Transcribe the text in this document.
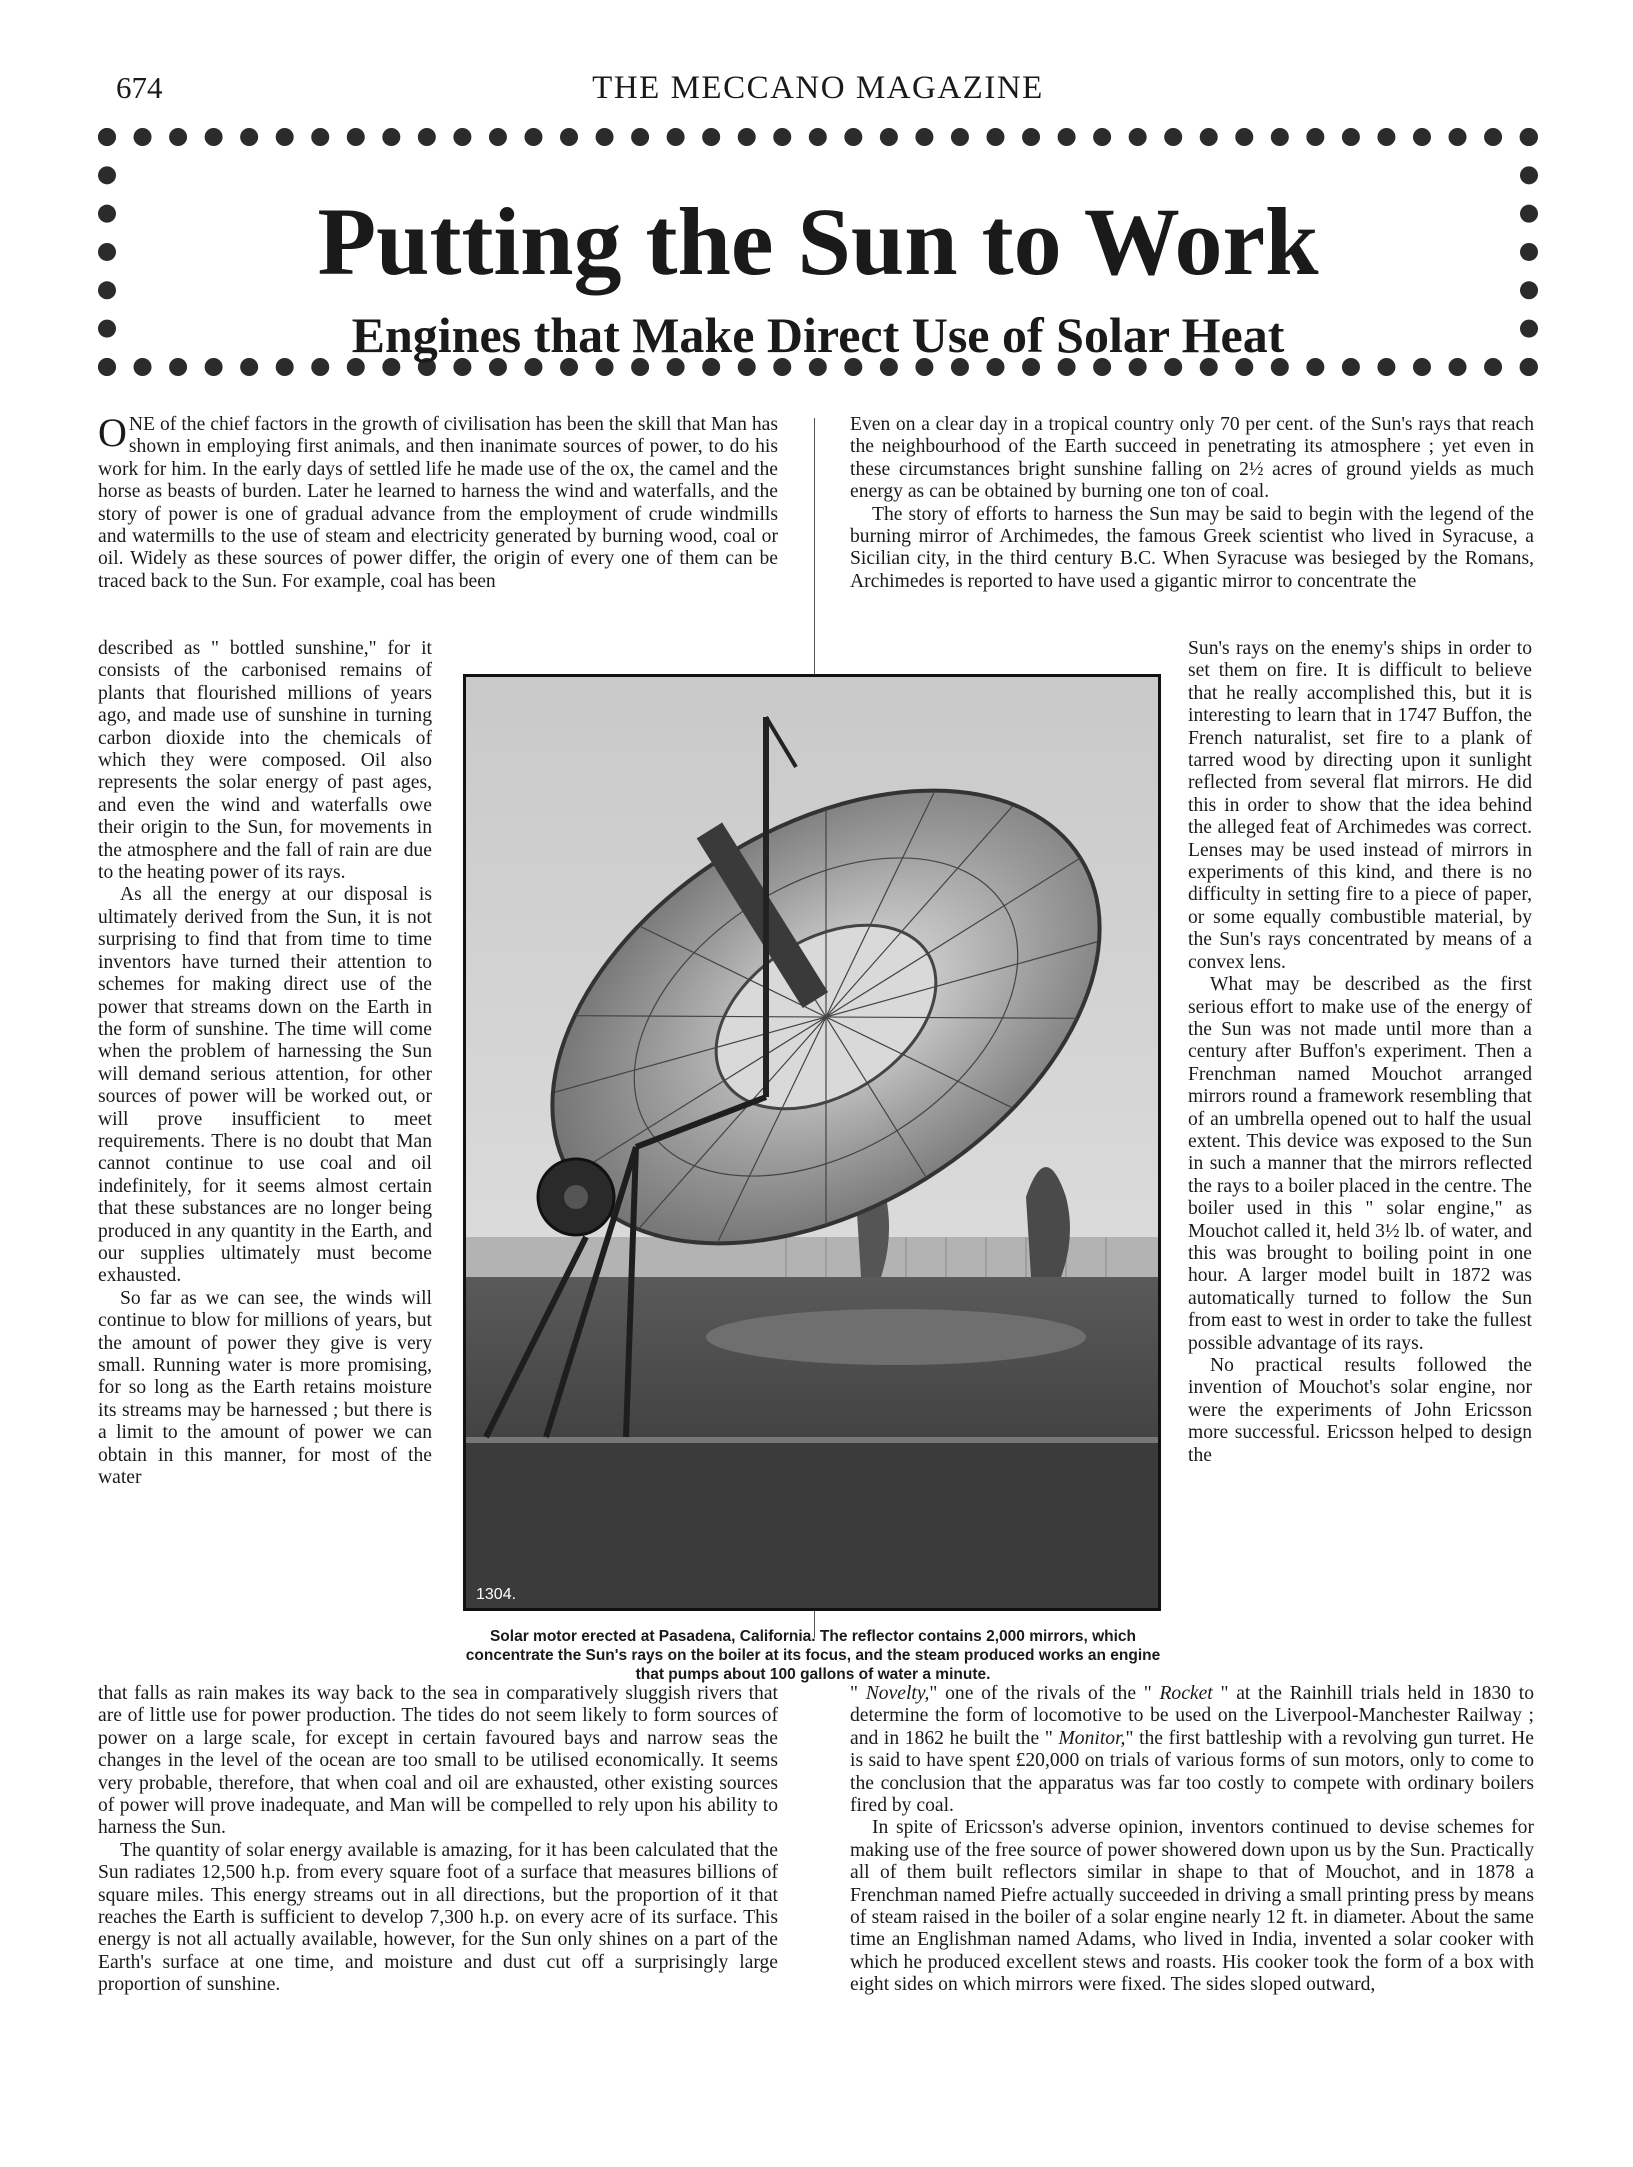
674	THE MECCANO MAGAZINE
Putting the Sun to Work
Engines that Make Direct Use of Solar Heat

ONE of the chief factors in the growth of civilisation has been the skill that Man has shown in employing first animals, and then inanimate sources of power, to do his work for him. In the early days of settled life he made use of the ox, the camel and the horse as beasts of burden. Later he learned to harness the wind and waterfalls, and the story of power is one of gradual advance from the employment of crude windmills and watermills to the use of steam and electricity generated by burning wood, coal or oil. Widely as these sources of power differ, the origin of every one of them can be traced back to the Sun. For example, coal has been

described as " bottled sunshine," for it consists of the carbonised remains of plants that flourished millions of years ago, and made use of sunshine in turning carbon dioxide into the chemicals of which they were composed. Oil also represents the solar energy of past ages, and even the wind and waterfalls owe their origin to the Sun, for movements in the atmosphere and the fall of rain are due to the heating power of its rays.

As all the energy at our disposal is ultimately derived from the Sun, it is not surprising to find that from time to time inventors have turned their attention to schemes for making direct use of the power that streams down on the Earth in the form of sunshine. The time will come when the problem of harnessing the Sun will demand serious attention, for other sources of power will be worked out, or will prove insufficient to meet requirements. There is no doubt that Man cannot continue to use coal and oil indefinitely, for it seems almost certain that these substances are no longer being produced in any quantity in the Earth, and our supplies ultimately must become exhausted.

So far as we can see, the winds will continue to blow for millions of years, but the amount of power they give is very small. Running water is more promising, for so long as the Earth retains moisture its streams may be harnessed ; but there is a limit to the amount of power we can obtain in this manner, for most of the water

that falls as rain makes its way back to the sea in comparatively sluggish rivers that are of little use for power production. The tides do not seem likely to form sources of power on a large scale, for except in certain favoured bays and narrow seas the changes in the level of the ocean are too small to be utilised economically. It seems very probable, therefore, that when coal and oil are exhausted, other existing sources of power will prove inadequate, and Man will be compelled to rely upon his ability to harness the Sun.

The quantity of solar energy available is amazing, for it has been calculated that the Sun radiates 12,500 h.p. from every square foot of a surface that measures billions of square miles. This energy streams out in all directions, but the proportion of it that reaches the Earth is sufficient to develop 7,300 h.p. on every acre of its surface. This energy is not all actually available, however, for the Sun only shines on a part of the Earth's surface at one time, and moisture and dust cut off a surprisingly large proportion of sunshine.

Even on a clear day in a tropical country only 70 per cent. of the Sun's rays that reach the neighbourhood of the Earth succeed in penetrating its atmosphere ; yet even in these circumstances bright sunshine falling on 2½ acres of ground yields as much energy as can be obtained by burning one ton of coal.

The story of efforts to harness the Sun may be said to begin with the legend of the burning mirror of Archimedes, the famous Greek scientist who lived in Syracuse, a Sicilian city, in the third century B.C. When Syracuse was besieged by the Romans, Archimedes is reported to have used a gigantic mirror to concentrate the

Sun's rays on the enemy's ships in order to set them on fire. It is difficult to believe that he really accomplished this, but it is interesting to learn that in 1747 Buffon, the French naturalist, set fire to a plank of tarred wood by directing upon it sunlight reflected from several flat mirrors. He did this in order to show that the idea behind the alleged feat of Archimedes was correct. Lenses may be used instead of mirrors in experiments of this kind, and there is no difficulty in setting fire to a piece of paper, or some equally combustible material, by the Sun's rays concentrated by means of a convex lens.

What may be described as the first serious effort to make use of the energy of the Sun was not made until more than a century after Buffon's experiment. Then a Frenchman named Mouchot arranged mirrors round a framework resembling that of an umbrella opened out to half the usual extent. This device was exposed to the Sun in such a manner that the mirrors reflected the rays to a boiler placed in the centre. The boiler used in this " solar engine," as Mouchot called it, held 3½ lb. of water, and this was brought to boiling point in one hour. A larger model built in 1872 was automatically turned to follow the Sun from east to west in order to take the fullest possible advantage of its rays.

No practical results followed the invention of Mouchot's solar engine, nor were the experiments of John Ericsson more successful. Ericsson helped to design the

" Novelty," one of the rivals of the " Rocket " at the Rainhill trials held in 1830 to determine the form of locomotive to be used on the Liverpool-Manchester Railway ; and in 1862 he built the " Monitor," the first battleship with a revolving gun turret. He is said to have spent £20,000 on trials of various forms of sun motors, only to come to the conclusion that the apparatus was far too costly to compete with ordinary boilers fired by coal.

In spite of Ericsson's adverse opinion, inventors continued to devise schemes for making use of the free source of power showered down upon us by the Sun. Practically all of them built reflectors similar in shape to that of Mouchot, and in 1878 a Frenchman named Piefre actually succeeded in driving a small printing press by means of steam raised in the boiler of a solar engine nearly 12 ft. in diameter. About the same time an Englishman named Adams, who lived in India, invented a solar cooker with which he produced excellent stews and roasts. His cooker took the form of a box with eight sides on which mirrors were fixed. The sides sloped outward,

1304.
Solar motor erected at Pasadena, California. The reflector contains 2,000 mirrors, which concentrate the Sun's rays on the boiler at its focus, and the steam produced works an engine that pumps about 100 gallons of water a minute.
